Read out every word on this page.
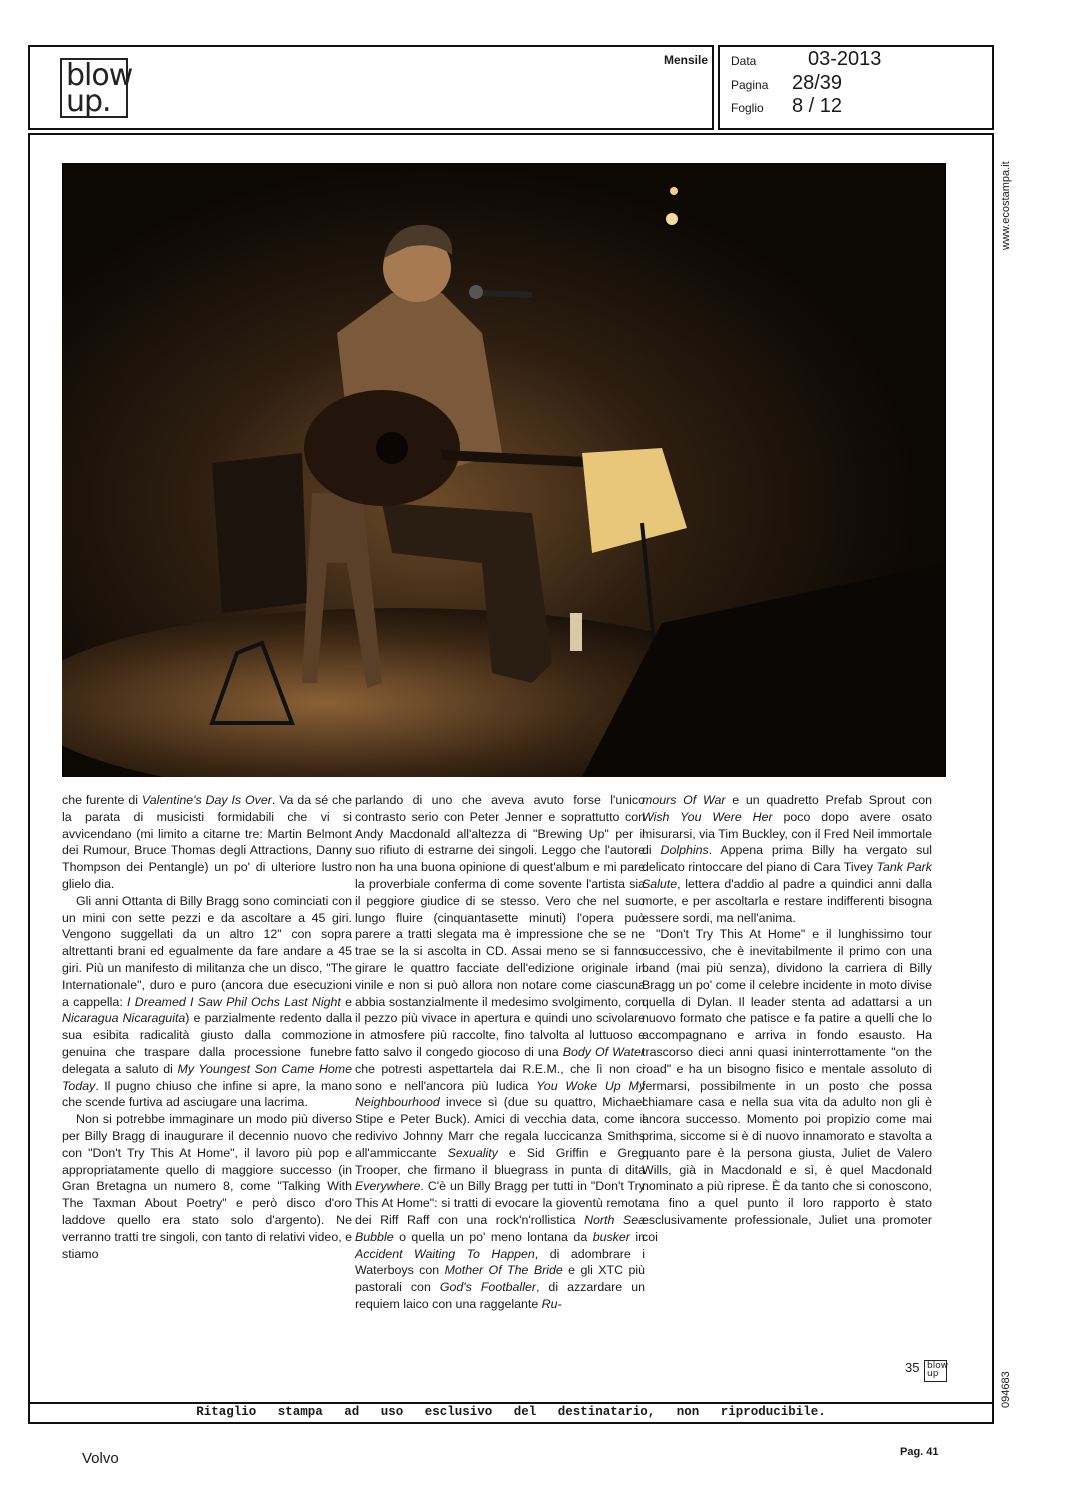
blow
up.
Mensile Data	03-2013
Pagina 28/39
Foglio 8 / 12
www.ecostampa.it
094683

che furente di Valentine's Day Is Over. Va da sé che la parata di musicisti formidabili che vi si avvicendano (mi limito a citarne tre: Martin Belmont dei Rumour, Bruce Thomas degli Attractions, Danny Thompson dei Pentangle) un po' di ulteriore lustro glielo dia.

Gli anni Ottanta di Billy Bragg sono cominciati con un mini con sette pezzi e da ascoltare a 45 giri. Vengono suggellati da un altro 12" con sopra altrettanti brani ed egualmente da fare andare a 45 giri. Più un manifesto di militanza che un disco, "The Internationale", duro e puro (ancora due esecuzioni a cappella: I Dreamed I Saw Phil Ochs Last Night e Nicaragua Nicaraguita) e parzialmente redento dalla sua esibita radicalità giusto dalla commozione genuina che traspare dalla processione funebre delegata a saluto di My Youngest Son Came Home Today. Il pugno chiuso che infine si apre, la mano che scende furtiva ad asciugare una lacrima.

Non si potrebbe immaginare un modo più diverso per Billy Bragg di inaugurare il decennio nuovo che con "Don't Try This At Home", il lavoro più pop e appropriatamente quello di maggiore successo (in Gran Bretagna un numero 8, come "Talking With The Taxman About Poetry" e però disco d'oro laddove quello era stato solo d'argento). Ne verranno tratti tre singoli, con tanto di relativi video, e stiamo

parlando di uno che aveva avuto forse l'unico contrasto serio con Peter Jenner e soprattutto con Andy Macdonald all'altezza di "Brewing Up" per il suo rifiuto di estrarne dei singoli. Leggo che l'autore non ha una buona opinione di quest'album e mi pare la proverbiale conferma di come sovente l'artista sia il peggiore giudice di se stesso. Vero che nel suo lungo fluire (cinquantasette minuti) l'opera può parere a tratti slegata ma è impressione che se ne trae se la si ascolta in CD. Assai meno se si fanno girare le quattro facciate dell'edizione originale in vinile e non si può allora non notare come ciascuna abbia sostanzialmente il medesimo svolgimento, con il pezzo più vivace in apertura e quindi uno scivolare in atmosfere più raccolte, fino talvolta al luttuoso e fatto salvo il congedo giocoso di una Body Of Water che potresti aspettartela dai R.E.M., che lì non ci sono e nell'ancora più ludica You Woke Up My Neighbourhood invece sì (due su quattro, Michael Stipe e Peter Buck). Amici di vecchia data, come il redivivo Johnny Marr che regala luccicanza Smiths all'ammiccante Sexuality e Sid Griffin e Greg Trooper, che firmano il bluegrass in punta di dita Everywhere. C'è un Billy Bragg per tutti in "Don't Try This At Home": si tratti di evocare la gioventù remota dei Riff Raff con una rock'n'rollistica North Sea Bubble o quella un po' meno lontana da busker in Accident Waiting To Happen, di adombrare i Waterboys con Mother Of The Bride e gli XTC più pastorali con God's Footballer, di azzardare un requiem laico con una raggelante Ru-

mours Of War e un quadretto Prefab Sprout con Wish You Were Her poco dopo avere osato misurarsi, via Tim Buckley, con il Fred Neil immortale di Dolphins. Appena prima Billy ha vergato sul delicato rintoccare del piano di Cara Tivey Tank Park Salute, lettera d'addio al padre a quindici anni dalla morte, e per ascoltarla e restare indifferenti bisogna essere sordi, ma nell'anima.

"Don't Try This At Home" e il lunghissimo tour successivo, che è inevitabilmente il primo con una band (mai più senza), dividono la carriera di Billy Bragg un po' come il celebre incidente in moto divise quella di Dylan. Il leader stenta ad adattarsi a un nuovo formato che patisce e fa patire a quelli che lo accompagnano e arriva in fondo esausto. Ha trascorso dieci anni quasi ininterrottamente "on the road" e ha un bisogno fisico e mentale assoluto di fermarsi, possibilmente in un posto che possa chiamare casa e nella sua vita da adulto non gli è ancora successo. Momento poi propizio come mai prima, siccome si è di nuovo innamorato e stavolta a quanto pare è la persona giusta, Juliet de Valero Wills, già in Macdonald e sì, è quel Macdonald nominato a più riprese. È da tanto che si conoscono, ma fino a quel punto il loro rapporto è stato esclusivamente professionale, Juliet una promoter coi

35 blow
up
Ritaglio stampa ad uso esclusivo del destinatario, non riproducibile.
Volvo	Pag. 41
